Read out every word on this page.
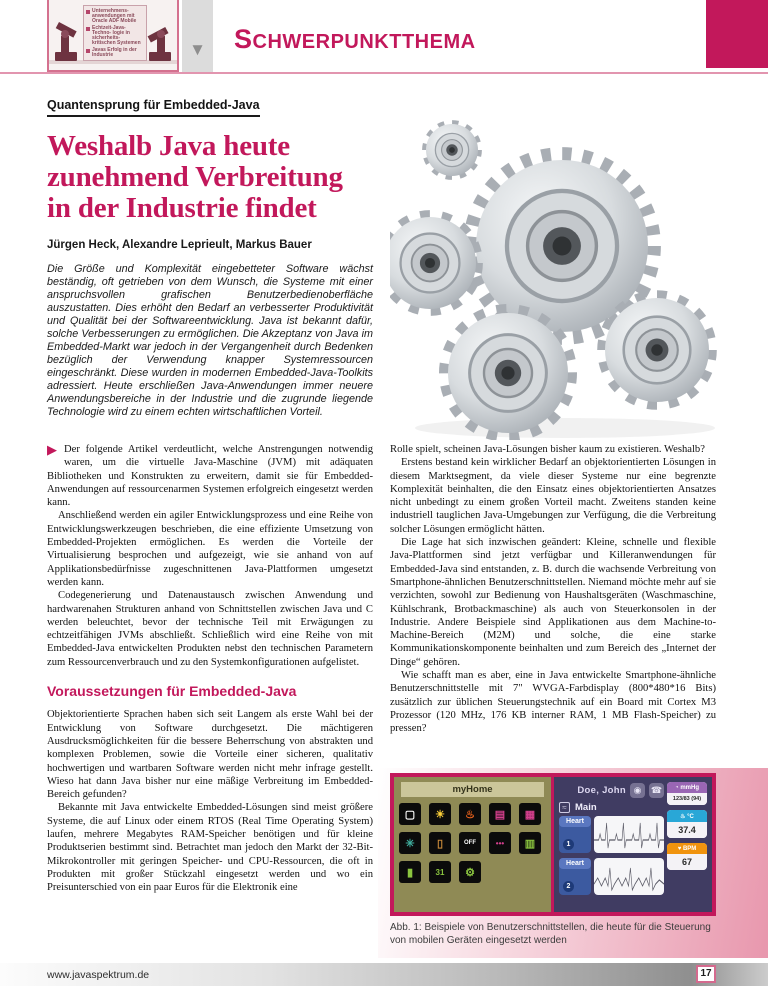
Unternehmens- anwendungen mit Oracle ADF Mobile
Echtzeit-Java-Techno- logie in sicherheits- kritischen Systemen
Javas Erfolg in der Industrie	▼ SCHWERPUNKTTHEMA
Quantensprung für Embedded-Java
Weshalb Java heute zunehmend Verbreitung in der Industrie findet
Jürgen Heck, Alexandre Leprieult, Markus Bauer
Die Größe und Komplexität eingebetteter Software wächst beständig, oft getrieben von dem Wunsch, die Systeme mit einer anspruchsvollen grafischen Benutzerbedienoberfläche auszustatten. Dies erhöht den Bedarf an verbesserter Produktivität und Qualität bei der Softwareentwicklung. Java ist bekannt dafür, solche Verbesserungen zu ermöglichen. Die Akzeptanz von Java im Embedded-Markt war jedoch in der Vergangenheit durch Bedenken bezüglich der Verwendung knapper Systemressourcen eingeschränkt. Diese wurden in modernen Embedded-Java-Toolkits adressiert. Heute erschließen Java-Anwendungen immer neuere Anwendungsbereiche in der Industrie und die zugrunde liegende Technologie wird zu einem echten wirtschaftlichen Vorteil.

▶ Der folgende Artikel verdeutlicht, welche Anstrengungen notwendig waren, um die virtuelle Java-Maschine (JVM) mit adäquaten Bibliotheken und Konstrukten zu erweitern, damit sie für Embedded-Anwendungen auf ressourcenarmen Systemen erfolgreich eingesetzt werden kann.

Anschließend werden ein agiler Entwicklungsprozess und eine Reihe von Entwicklungswerkzeugen beschrieben, die eine effiziente Umsetzung von Embedded-Projekten ermöglichen. Es werden die Vorteile der Virtualisierung besprochen und aufgezeigt, wie sie anhand von auf Applikationsbedürfnisse zugeschnittenen Java-Plattformen umgesetzt werden kann.

Codegenerierung und Datenaustausch zwischen Anwendung und hardwarenahen Strukturen anhand von Schnittstellen zwischen Java und C werden beleuchtet, bevor der technische Teil mit Erwägungen zu echtzeitfähigen JVMs abschließt. Schließlich wird eine Reihe von mit Embedded-Java entwickelten Produkten nebst den technischen Parametern zum Ressourcenverbrauch und zu den Systemkonfigurationen aufgelistet.

Voraussetzungen für Embedded-Java

Objektorientierte Sprachen haben sich seit Langem als erste Wahl bei der Entwicklung von Software durchgesetzt. Die mächtigeren Ausdrucksmöglichkeiten für die bessere Beherrschung von abstrakten und komplexen Problemen, sowie die Vorteile einer sicheren, qualitativ hochwertigen und wartbaren Software werden nicht mehr infrage gestellt. Wieso hat dann Java bisher nur eine mäßige Verbreitung im Embedded-Bereich gefunden?

Bekannte mit Java entwickelte Embedded-Lösungen sind meist größere Systeme, die auf Linux oder einem RTOS (Real Time Operating System) laufen, mehrere Megabytes RAM-Speicher benötigen und für kleine Produktserien bestimmt sind. Betrachtet man jedoch den Markt der 32-Bit-Mikrokontroller mit geringen Speicher- und CPU-Ressourcen, die oft in Produkten mit großer Stückzahl eingesetzt werden und wo ein Preisunterschied von ein paar Euros für die Elektronik eine

Rolle spielt, scheinen Java-Lösungen bisher kaum zu existieren. Weshalb?

Erstens bestand kein wirklicher Bedarf an objektorientierten Lösungen in diesem Marktsegment, da viele dieser Systeme nur eine begrenzte Komplexität beinhalten, die den Einsatz eines objektorientierten Ansatzes nicht unbedingt zu einem großen Vorteil macht. Zweitens standen keine industriell tauglichen Java-Umgebungen zur Verfügung, die die Verbreitung solcher Lösungen ermöglicht hätten.

Die Lage hat sich inzwischen geändert: Kleine, schnelle und flexible Java-Plattformen sind jetzt verfügbar und Killeranwendungen für Embedded-Java sind entstanden, z. B. durch die wachsende Verbreitung von Smartphone-ähnlichen Benutzerschnittstellen. Niemand möchte mehr auf sie verzichten, sowohl zur Bedienung von Haushaltsgeräten (Waschmaschine, Kühlschrank, Brotbackmaschine) als auch von Steuerkonsolen in der Industrie. Andere Beispiele sind Applikationen aus dem Machine-to-Machine-Bereich (M2M) und solche, die eine starke Kommunikationskomponente beinhalten und zum Bereich des „Internet der Dinge“ gehören.

Wie schafft man es aber, eine in Java entwickelte Smartphone-ähnliche Benutzerschnittstelle mit 7" WVGA-Farbdisplay (800*480*16 Bits) zusätzlich zur üblichen Steuerungstechnik auf ein Board mit Cortex M3 Prozessor (120 MHz, 176 KB interner RAM, 1 MB Flash-Speicher) zu pressen?

myHome
▢	☀	♨	▤	▦
✳	▯	OFF	•••	▥
▮	31	⚙
Doe, John ◉	☎
≈ Main
Heart
1
Heart
2
◔ mmHg
123/83 (94)
♨ °C
37.4
♥ BPM
67
Abb. 1: Beispiele von Benutzerschnittstellen, die heute für die Steuerung von mobilen Geräten eingesetzt werden
www.javaspektrum.de	17
